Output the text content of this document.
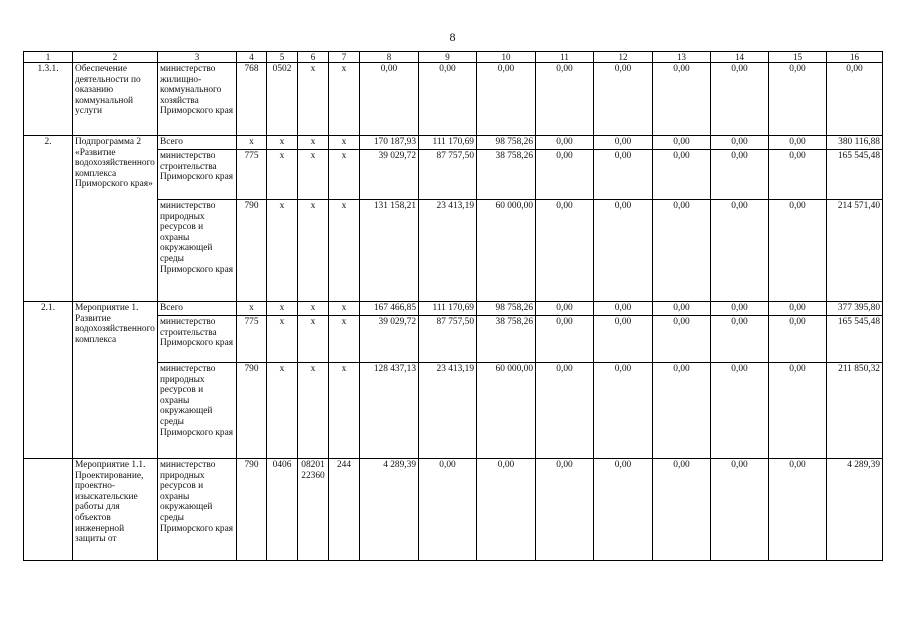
8
1	2	3	4	5	6	7	8	9	10	11	12	13	14	15	16
1.3.1.	Обеспечение деятельности по оказанию коммунальной услуги	министерство жилищно-коммунального хозяйства Приморского края	768	0502	x	x	0,00	0,00	0,00	0,00	0,00	0,00	0,00	0,00	0,00
2.	Подпрограмма 2 «Развитие водохозяйственного комплекса Приморского края»	Всего	x	x	x	x	170 187,93	111 170,69	98 758,26	0,00	0,00	0,00	0,00	0,00	380 116,88
		министерство строительства Приморского края	775	x	x	x	39 029,72	87 757,50	38 758,26	0,00	0,00	0,00	0,00	0,00	165 545,48
		министерство природных ресурсов и охраны окружающей среды Приморского края	790	x	x	x	131 158,21	23 413,19	60 000,00	0,00	0,00	0,00	0,00	0,00	214 571,40
2.1.	Мероприятие 1. Развитие водохозяйственного комплекса	Всего	x	x	x	x	167 466,85	111 170,69	98 758,26	0,00	0,00	0,00	0,00	0,00	377 395,80
		министерство строительства Приморского края	775	x	x	x	39 029,72	87 757,50	38 758,26	0,00	0,00	0,00	0,00	0,00	165 545,48
		министерство природных ресурсов и охраны окружающей среды Приморского края	790	x	x	x	128 437,13	23 413,19	60 000,00	0,00	0,00	0,00	0,00	0,00	211 850,32
	Мероприятие 1.1. Проектирование, проектно-изыскательские работы для объектов инженерной защиты от	министерство природных ресурсов и охраны окружающей среды Приморского края	790	0406	08201 22360	244	4 289,39	0,00	0,00	0,00	0,00	0,00	0,00	0,00	4 289,39
